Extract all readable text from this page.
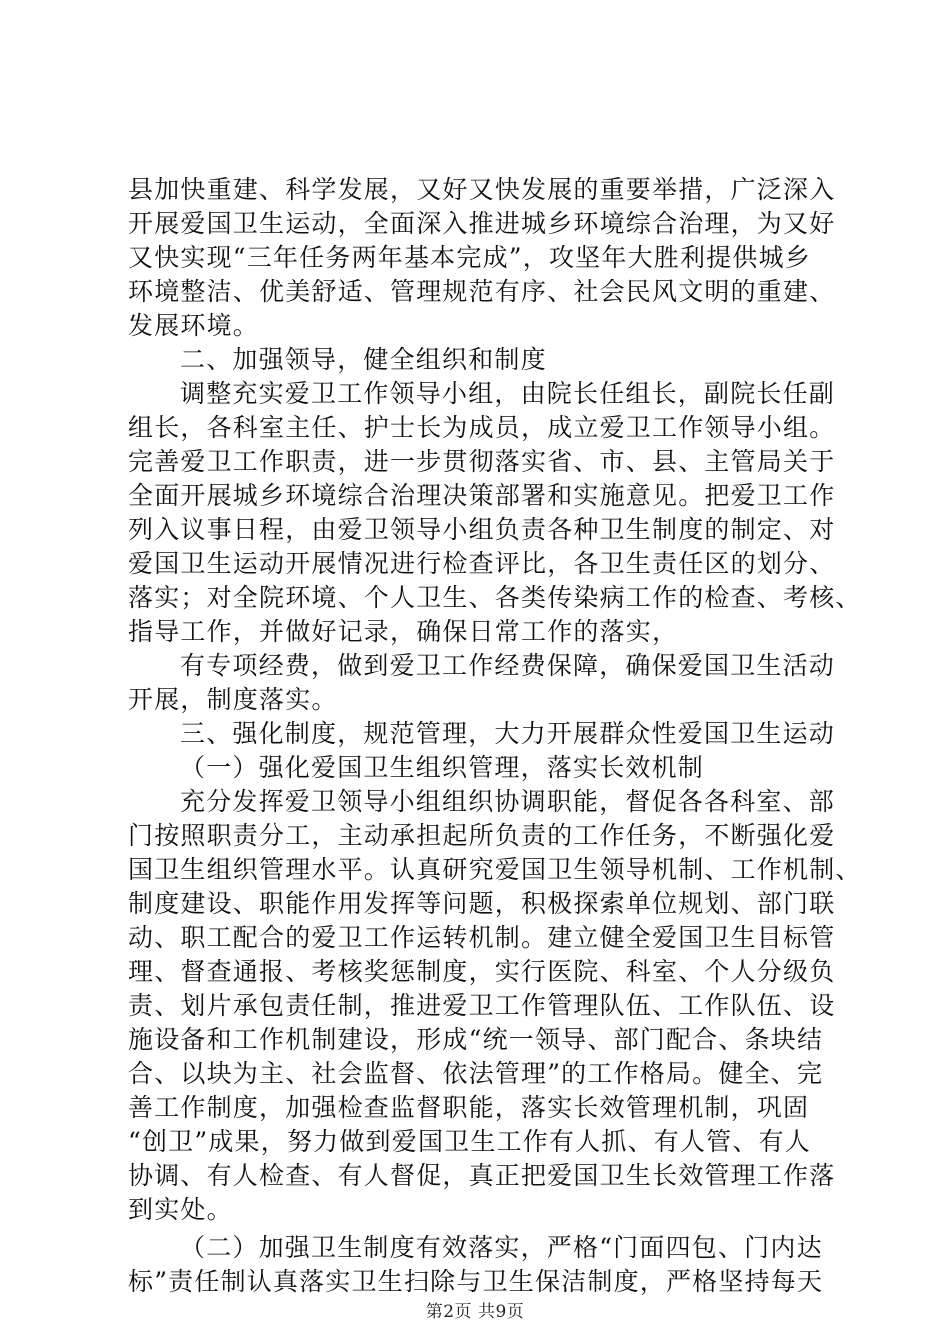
县加快重建、科学发展，又好又快发展的重要举措，广泛深入
开展爱国卫生运动，全面深入推进城乡环境综合治理，为又好
又快实现“三年任务两年基本完成”，攻坚年大胜利提供城乡
环境整洁、优美舒适、管理规范有序、社会民风文明的重建、
发展环境。
二、加强领导，健全组织和制度
调整充实爱卫工作领导小组，由院长任组长，副院长任副
组长，各科室主任、护士长为成员，成立爱卫工作领导小组。
完善爱卫工作职责，进一步贯彻落实省、市、县、主管局关于
全面开展城乡环境综合治理决策部署和实施意见。把爱卫工作
列入议事日程，由爱卫领导小组负责各种卫生制度的制定、对
爱国卫生运动开展情况进行检查评比，各卫生责任区的划分、
落实；对全院环境、个人卫生、各类传染病工作的检查、考核、
指导工作，并做好记录，确保日常工作的落实，
有专项经费，做到爱卫工作经费保障，确保爱国卫生活动
开展，制度落实。
三、强化制度，规范管理，大力开展群众性爱国卫生运动
（一）强化爱国卫生组织管理，落实长效机制
充分发挥爱卫领导小组组织协调职能，督促各各科室、部
门按照职责分工，主动承担起所负责的工作任务，不断强化爱
国卫生组织管理水平。认真研究爱国卫生领导机制、工作机制、
制度建设、职能作用发挥等问题，积极探索单位规划、部门联
动、职工配合的爱卫工作运转机制。建立健全爱国卫生目标管
理、督查通报、考核奖惩制度，实行医院、科室、个人分级负
责、划片承包责任制，推进爱卫工作管理队伍、工作队伍、设
施设备和工作机制建设，形成“统一领导、部门配合、条块结
合、以块为主、社会监督、依法管理”的工作格局。健全、完
善工作制度，加强检查监督职能，落实长效管理机制，巩固
“创卫”成果，努力做到爱国卫生工作有人抓、有人管、有人
协调、有人检查、有人督促，真正把爱国卫生长效管理工作落
到实处。
（二）加强卫生制度有效落实，严格“门面四包、门内达
标”责任制认真落实卫生扫除与卫生保洁制度，严格坚持每天
第2页 共9页
